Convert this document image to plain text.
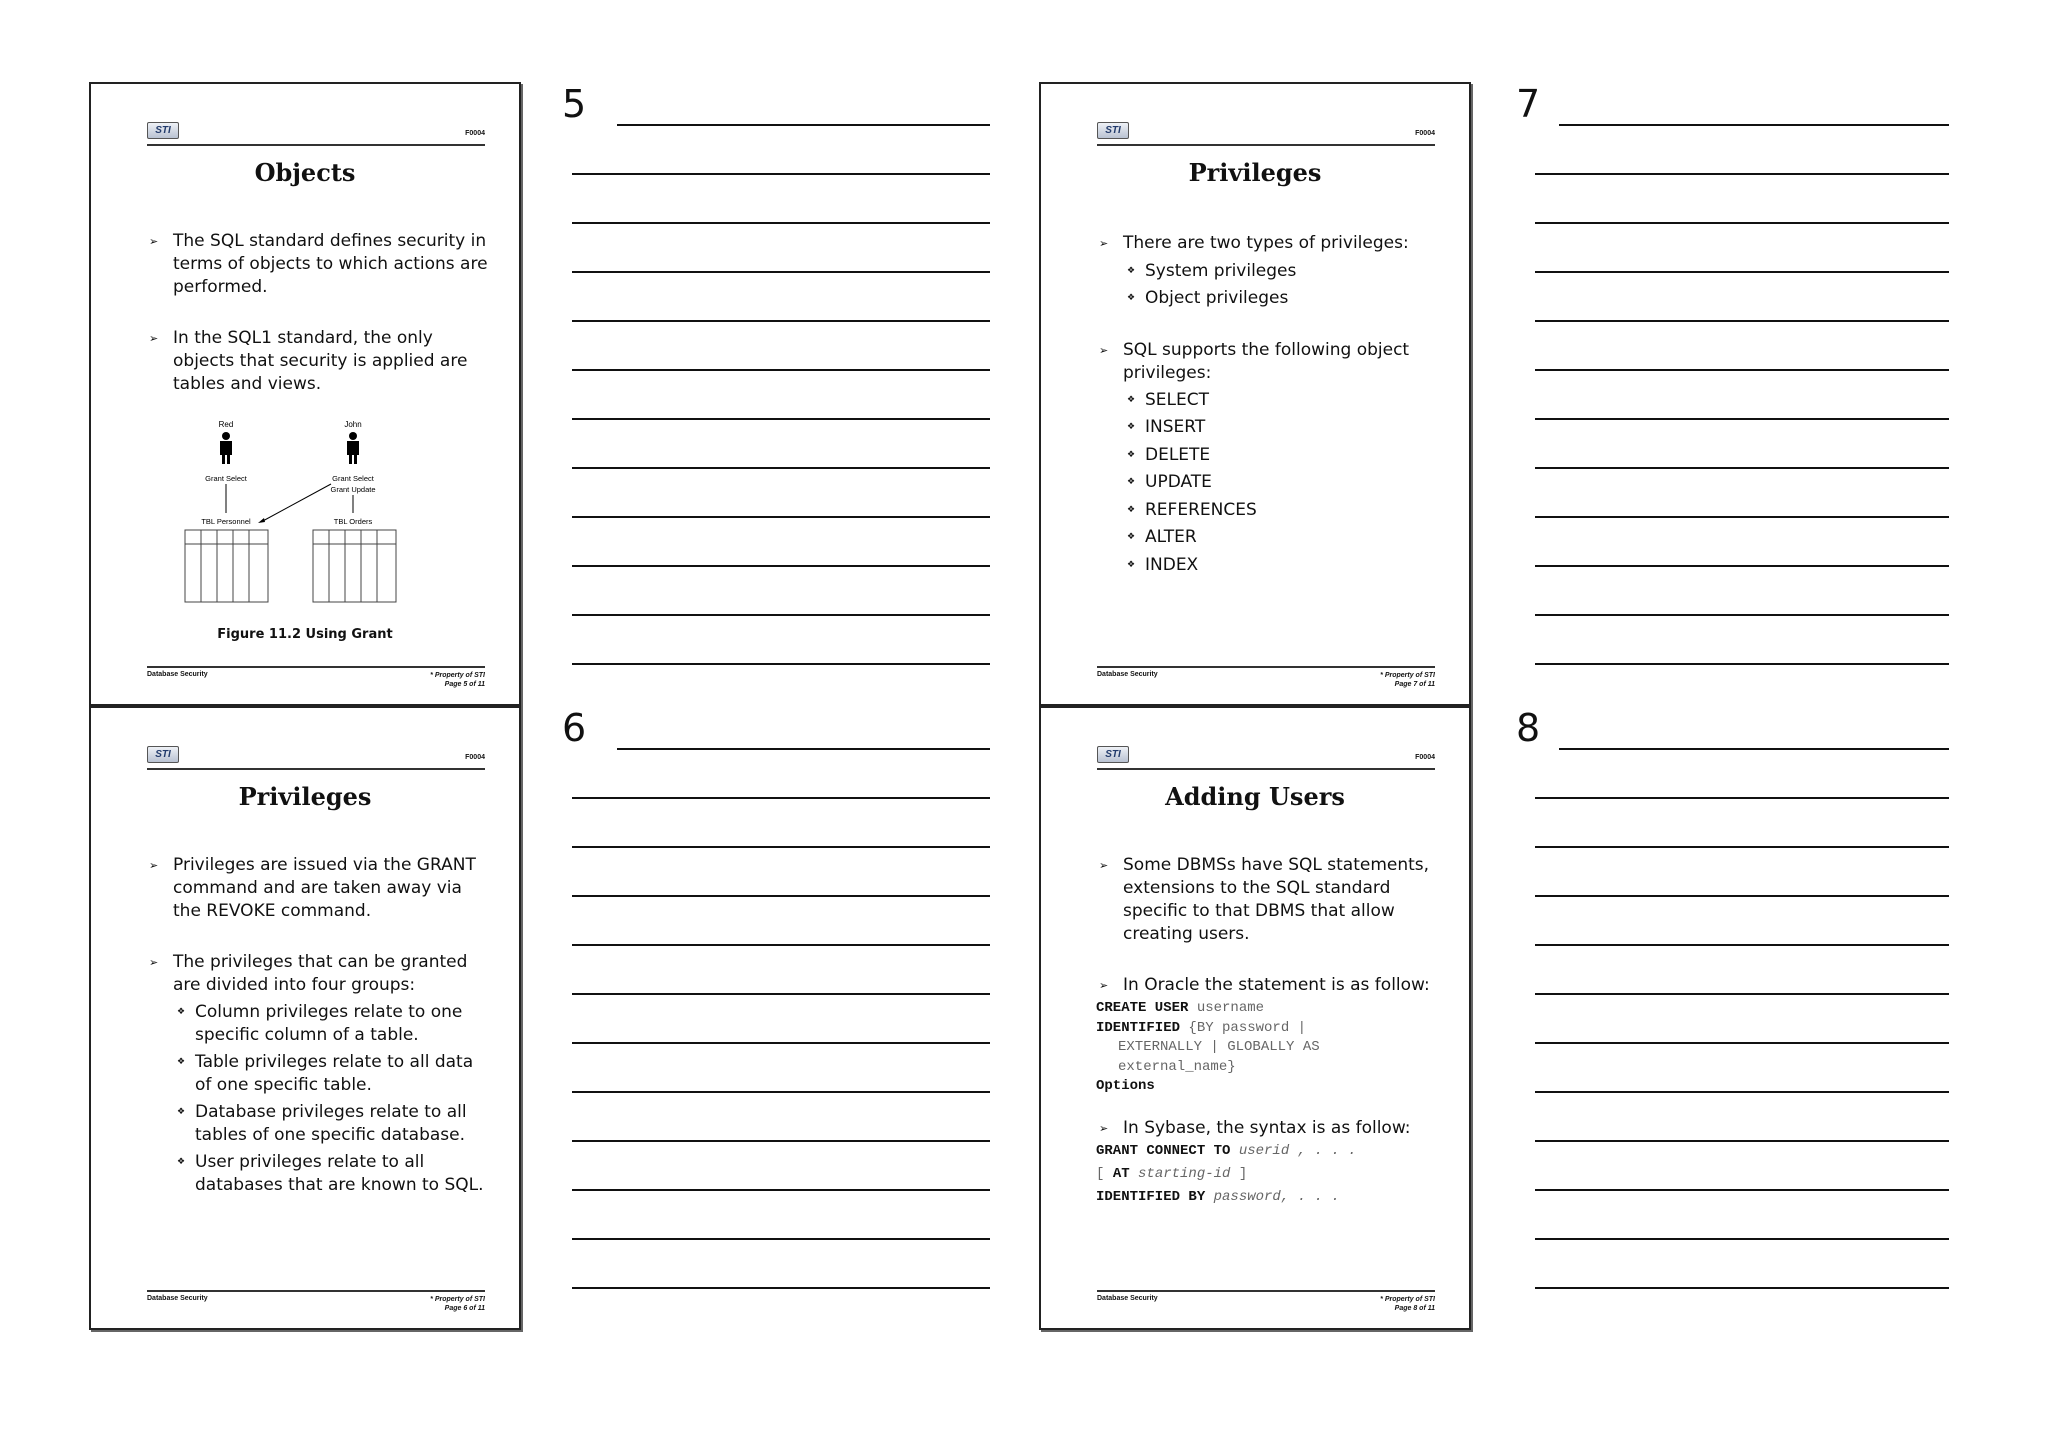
STI	F0004
Objects
➢ The SQL standard defines security in terms of objects to which actions are performed.
➢ In the SQL1 standard, the only objects that security is applied are tables and views.
Red	John
Grant Select	Grant Select
Grant Update
TBL Personnel	TBL Orders
Figure 11.2 Using Grant
Database Security	* Property of STI
Page 5 of 11
STI	F0004
Privileges
➢ Privileges are issued via the GRANT command and are taken away via the REVOKE command.
➢ The privileges that can be granted are divided into four groups:
❖ Column privileges relate to one specific column of a table.
❖ Table privileges relate to all data of one specific table.
❖ Database privileges relate to all tables of one specific database.
❖ User privileges relate to all databases that are known to SQL.
Database Security	* Property of STI
Page 6 of 11
STI	F0004
Privileges
➢ There are two types of privileges:
❖ System privileges
❖ Object privileges
➢ SQL supports the following object privileges:
❖ SELECT
❖ INSERT
❖ DELETE
❖ UPDATE
❖ REFERENCES
❖ ALTER
❖ INDEX
Database Security	* Property of STI
Page 7 of 11
STI	F0004
Adding Users
➢ Some DBMSs have SQL statements, extensions to the SQL standard specific to that DBMS that allow creating users.
➢ In Oracle the statement is as follow:
CREATE USER username
IDENTIFIED {BY password |
EXTERNALLY | GLOBALLY AS
external_name}
Options
➢ In Sybase, the syntax is as follow:
GRANT CONNECT TO userid , . . .
[ AT starting-id ]
IDENTIFIED BY password, . . .
Database Security	* Property of STI
Page 8 of 11
5
6
7
8
